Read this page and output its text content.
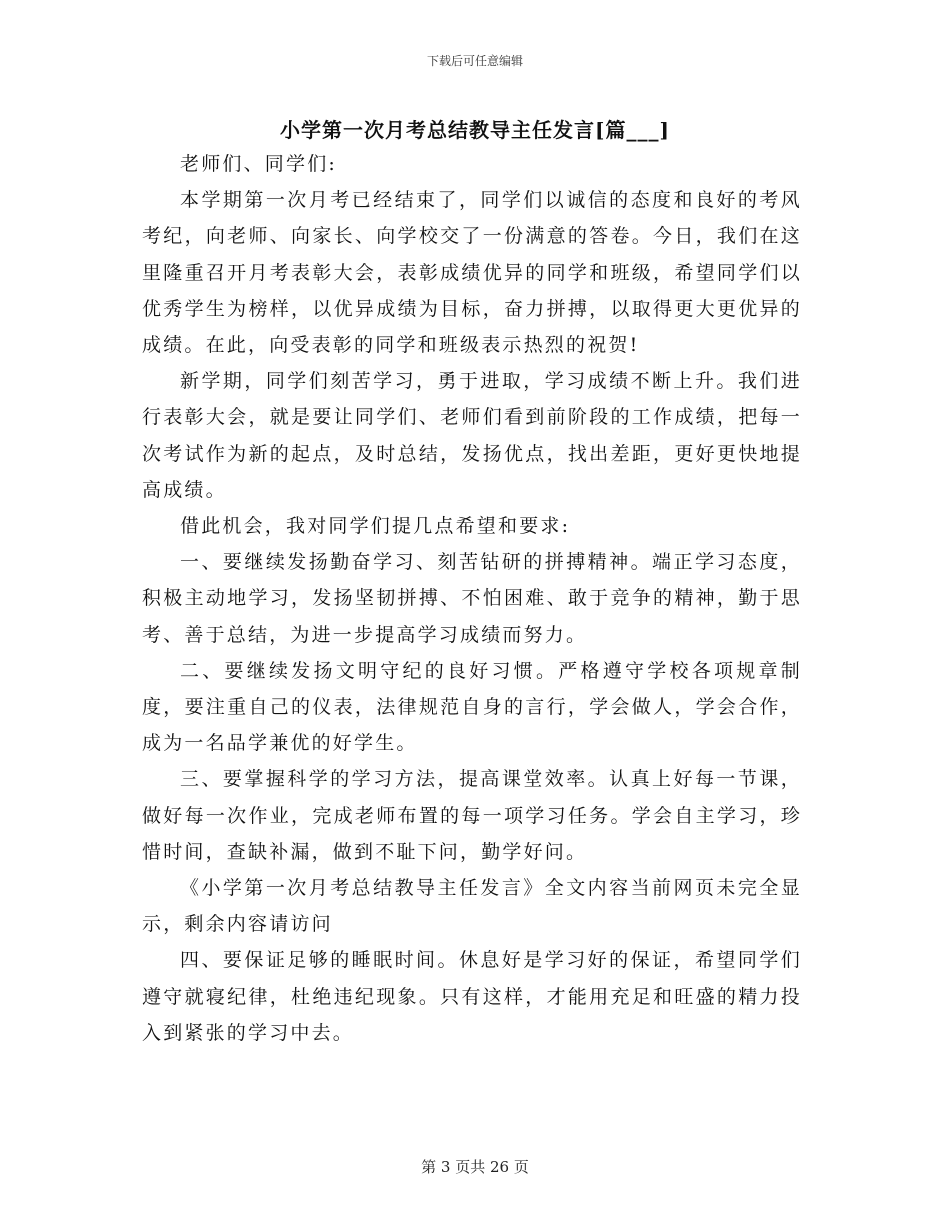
下载后可任意编辑
小学第一次月考总结教导主任发言[篇___]

老师们、同学们:

本学期第一次月考已经结束了，同学们以诚信的态度和良好的考风考纪，向老师、向家长、向学校交了一份满意的答卷。今日，我们在这里隆重召开月考表彰大会，表彰成绩优异的同学和班级，希望同学们以优秀学生为榜样，以优异成绩为目标，奋力拼搏，以取得更大更优异的成绩。在此，向受表彰的同学和班级表示热烈的祝贺!

新学期，同学们刻苦学习，勇于进取，学习成绩不断上升。我们进行表彰大会，就是要让同学们、老师们看到前阶段的工作成绩，把每一次考试作为新的起点，及时总结，发扬优点，找出差距，更好更快地提高成绩。

借此机会，我对同学们提几点希望和要求:

一、要继续发扬勤奋学习、刻苦钻研的拼搏精神。端正学习态度，积极主动地学习，发扬坚韧拼搏、不怕困难、敢于竞争的精神，勤于思考、善于总结，为进一步提高学习成绩而努力。

二、要继续发扬文明守纪的良好习惯。严格遵守学校各项规章制度，要注重自己的仪表，法律规范自身的言行，学会做人，学会合作，成为一名品学兼优的好学生。

三、要掌握科学的学习方法，提高课堂效率。认真上好每一节课，做好每一次作业，完成老师布置的每一项学习任务。学会自主学习，珍惜时间，查缺补漏，做到不耻下问，勤学好问。

《小学第一次月考总结教导主任发言》全文内容当前网页未完全显示，剩余内容请访问

四、要保证足够的睡眠时间。休息好是学习好的保证，希望同学们遵守就寝纪律，杜绝违纪现象。只有这样，才能用充足和旺盛的精力投入到紧张的学习中去。

第 3 页共 26 页
